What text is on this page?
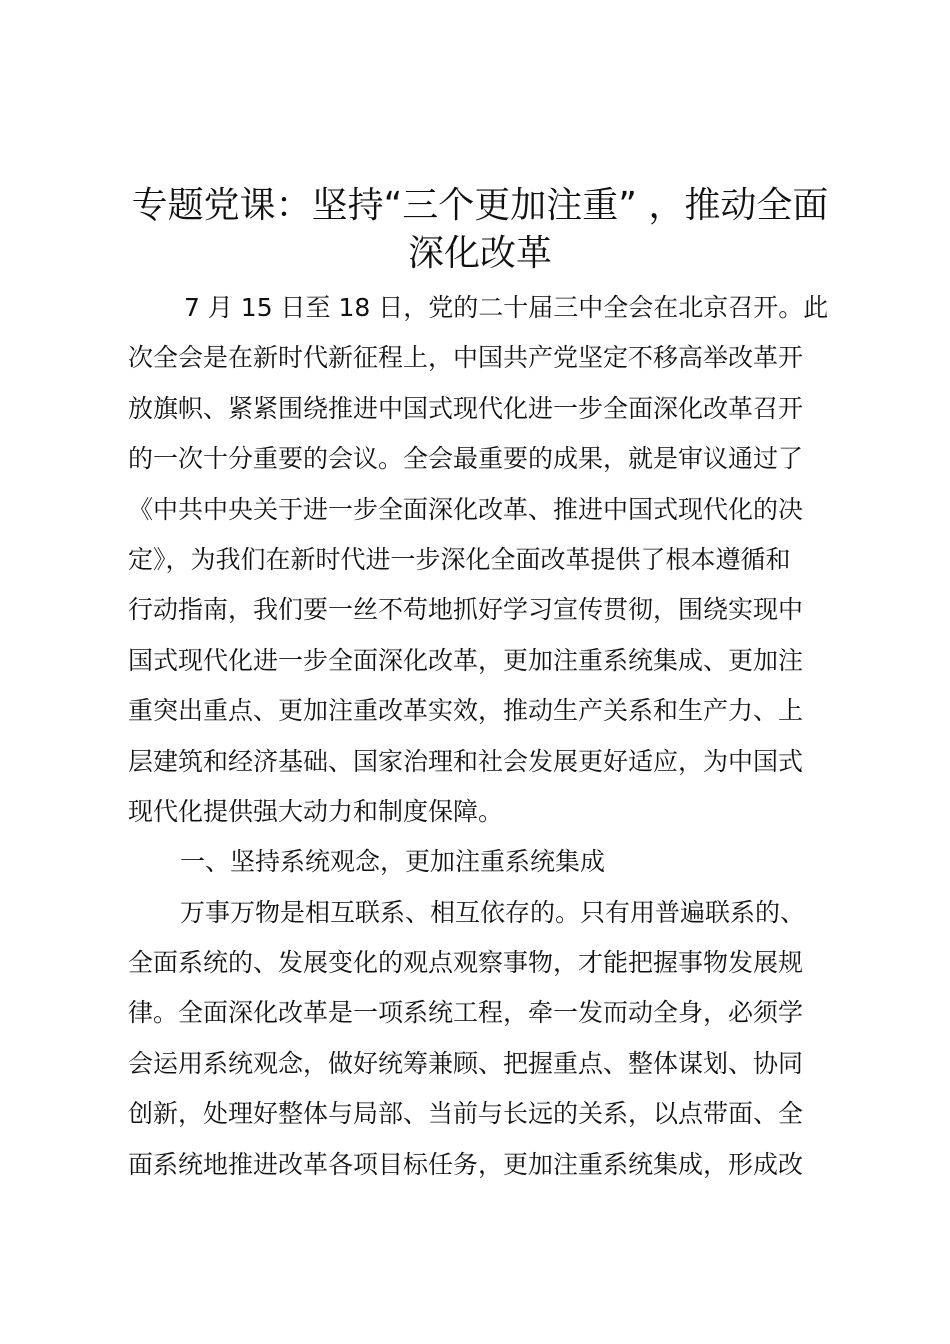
专题党课：坚持“三个更加注重” ，推动全面
深化改革
7 月 15 日至 18 日，党的二十届三中全会在北京召开。此
次全会是在新时代新征程上，中国共产党坚定不移高举改革开
放旗帜、紧紧围绕推进中国式现代化进一步全面深化改革召开
的一次十分重要的会议。全会最重要的成果，就是审议通过了
《中共中央关于进一步全面深化改革、推进中国式现代化的决
定》，为我们在新时代进一步深化全面改革提供了根本遵循和
行动指南，我们要一丝不苟地抓好学习宣传贯彻，围绕实现中
国式现代化进一步全面深化改革，更加注重系统集成、更加注
重突出重点、更加注重改革实效，推动生产关系和生产力、上
层建筑和经济基础、国家治理和社会发展更好适应，为中国式
现代化提供强大动力和制度保障。
一、坚持系统观念，更加注重系统集成
万事万物是相互联系、相互依存的。只有用普遍联系的、
全面系统的、发展变化的观点观察事物，才能把握事物发展规
律。全面深化改革是一项系统工程，牵一发而动全身，必须学
会运用系统观念，做好统筹兼顾、把握重点、整体谋划、协同
创新，处理好整体与局部、当前与长远的关系，以点带面、全
面系统地推进改革各项目标任务，更加注重系统集成，形成改
